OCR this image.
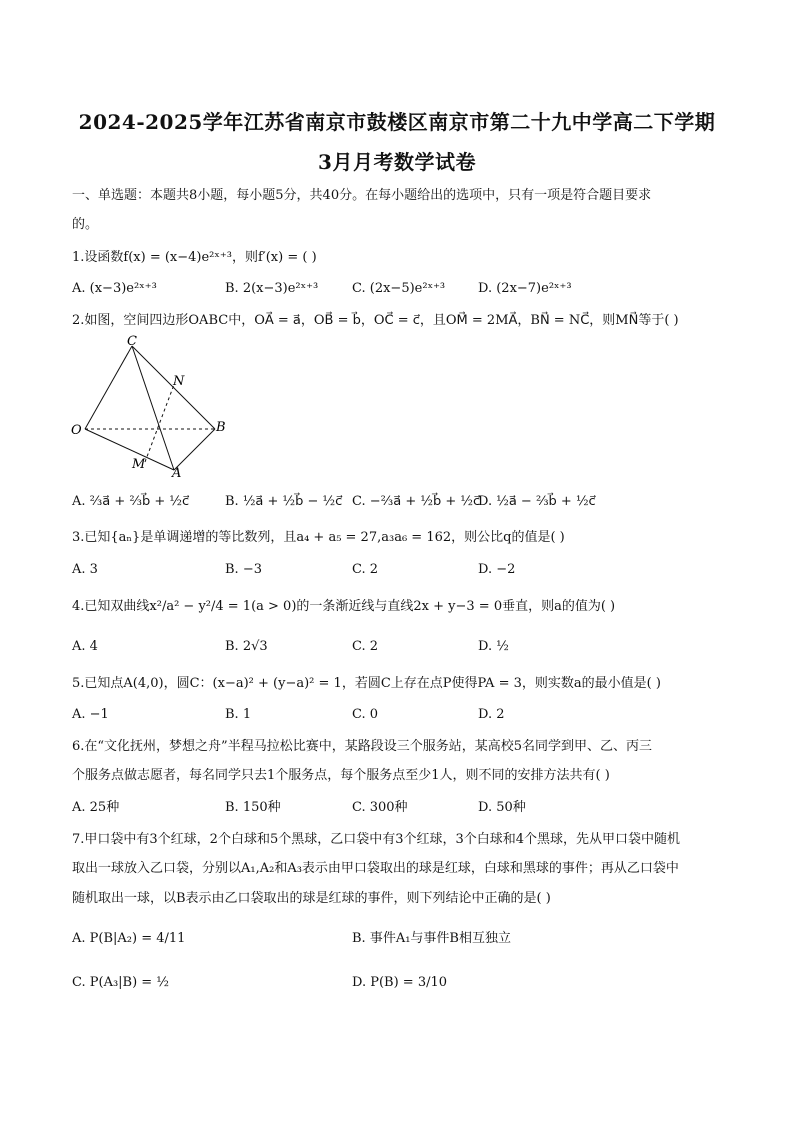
2024-2025学年江苏省南京市鼓楼区南京市第二十九中学高二下学期
3月月考数学试卷
一、单选题：本题共8小题，每小题5分，共40分。在每小题给出的选项中，只有一项是符合题目要求
的。
1.设函数f(x) = (x−4)e²ˣ⁺³，则f′(x) = ( )
A. (x−3)e²ˣ⁺³	B. 2(x−3)e²ˣ⁺³	C. (2x−5)e²ˣ⁺³	D. (2x−7)e²ˣ⁺³
2.如图，空间四边形OABC中，OA⃗ = a⃗，OB⃗ = b⃗，OC⃗ = c⃗，且OM⃗ = 2MA⃗，BN⃗ = NC⃗，则MN⃗等于( )
C
N
O	B
M
A
A. ⅔a⃗ + ⅔b⃗ + ½c⃗	B. ½a⃗ + ½b⃗ − ½c⃗ C. −⅔a⃗ + ½b⃗ + ½c⃗
D. ½a⃗ − ⅔b⃗ + ½c⃗
3.已知{aₙ}是单调递增的等比数列，且a₄ + a₅ = 27,a₃a₆ = 162，则公比q的值是( )
A. 3	B. −3	C. 2	D. −2
4.已知双曲线x²/a² − y²/4 = 1(a > 0)的一条渐近线与直线2x + y−3 = 0垂直，则a的值为( )
A. 4	B. 2√3	C. 2	D. ½
5.已知点A(4,0)，圆C：(x−a)² + (y−a)² = 1，若圆C上存在点P使得PA = 3，则实数a的最小值是( )
A. −1	B. 1	C. 0	D. 2
6.在“文化抚州，梦想之舟”半程马拉松比赛中，某路段设三个服务站，某高校5名同学到甲、乙、丙三
个服务点做志愿者，每名同学只去1个服务点，每个服务点至少1人，则不同的安排方法共有( )
A. 25种	B. 150种	C. 300种	D. 50种
7.甲口袋中有3个红球，2个白球和5个黑球，乙口袋中有3个红球，3个白球和4个黑球，先从甲口袋中随机
取出一球放入乙口袋，分别以A₁,A₂和A₃表示由甲口袋取出的球是红球，白球和黑球的事件；再从乙口袋中
随机取出一球，以B表示由乙口袋取出的球是红球的事件，则下列结论中正确的是( )
A. P(B|A₂) = 4/11	B. 事件A₁与事件B相互独立
C. P(A₃|B) = ½	D. P(B) = 3/10
